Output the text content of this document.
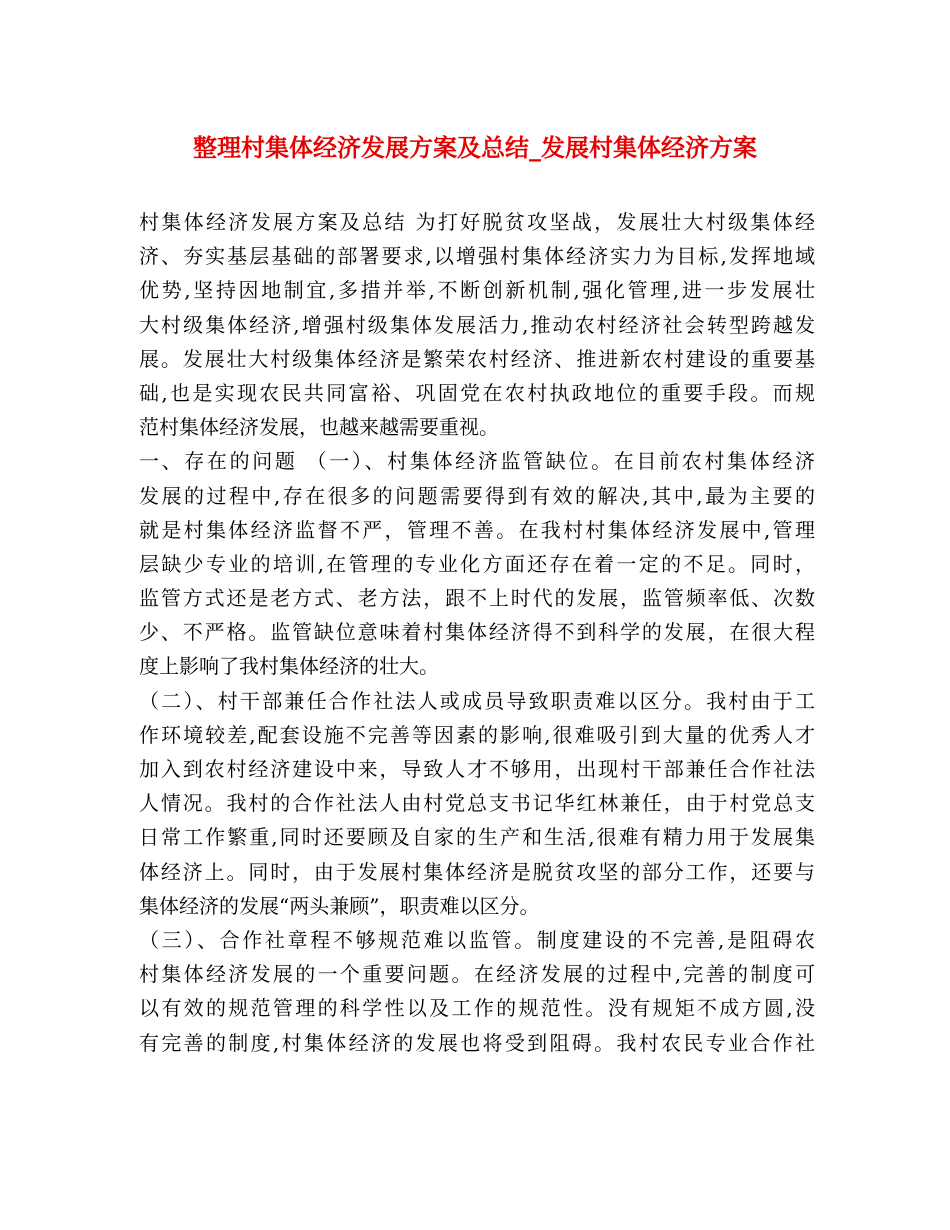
整理村集体经济发展方案及总结_发展村集体经济方案
村集体经济发展方案及总结 为打好脱贫攻坚战，发展壮大村级集体经
济、夯实基层基础的部署要求,以增强村集体经济实力为目标,发挥地域
优势,坚持因地制宜,多措并举,不断创新机制,强化管理,进一步发展壮
大村级集体经济,增强村级集体发展活力,推动农村经济社会转型跨越发
展。发展壮大村级集体经济是繁荣农村经济、推进新农村建设的重要基
础,也是实现农民共同富裕、巩固党在农村执政地位的重要手段。而规
范村集体经济发展，也越来越需要重视。
一、存在的问题 （一）、村集体经济监管缺位。在目前农村集体经济
发展的过程中,存在很多的问题需要得到有效的解决,其中,最为主要的
就是村集体经济监督不严，管理不善。在我村村集体经济发展中,管理
层缺少专业的培训,在管理的专业化方面还存在着一定的不足。同时，
监管方式还是老方式、老方法，跟不上时代的发展，监管频率低、次数
少、不严格。监管缺位意味着村集体经济得不到科学的发展，在很大程
度上影响了我村集体经济的壮大。
（二）、村干部兼任合作社法人或成员导致职责难以区分。我村由于工
作环境较差,配套设施不完善等因素的影响,很难吸引到大量的优秀人才
加入到农村经济建设中来，导致人才不够用，出现村干部兼任合作社法
人情况。我村的合作社法人由村党总支书记华红林兼任，由于村党总支
日常工作繁重,同时还要顾及自家的生产和生活,很难有精力用于发展集
体经济上。同时，由于发展村集体经济是脱贫攻坚的部分工作，还要与
集体经济的发展“两头兼顾”，职责难以区分。
（三）、合作社章程不够规范难以监管。制度建设的不完善,是阻碍农
村集体经济发展的一个重要问题。在经济发展的过程中,完善的制度可
以有效的规范管理的科学性以及工作的规范性。没有规矩不成方圆,没
有完善的制度,村集体经济的发展也将受到阻碍。我村农民专业合作社
